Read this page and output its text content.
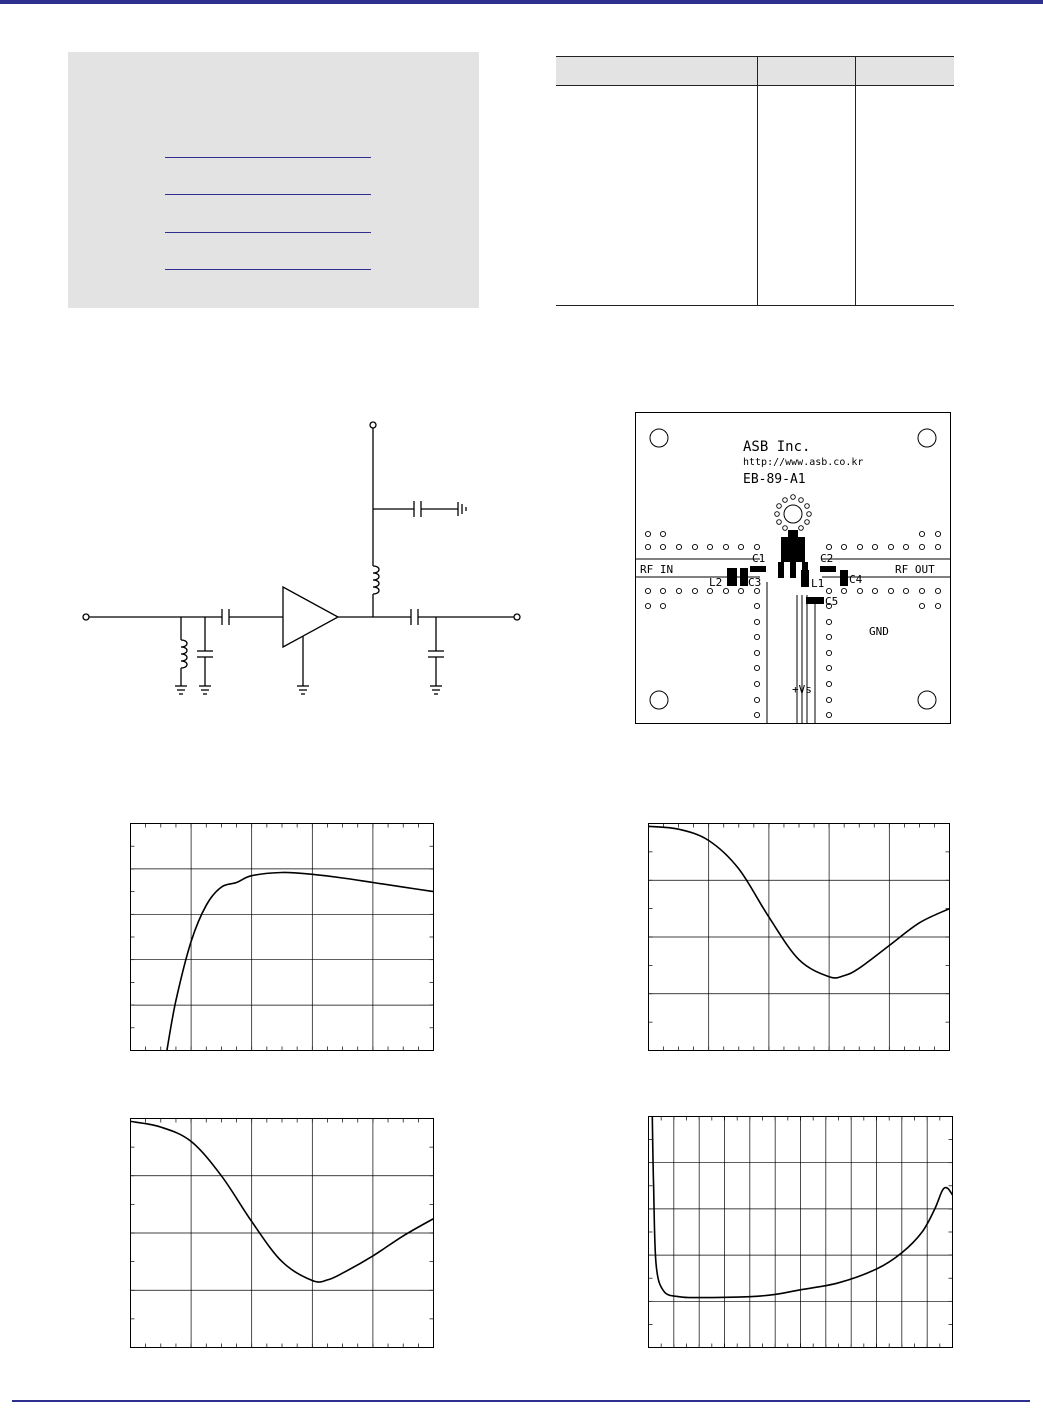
ASB Inc.
http://www.asb.co.kr
EB-89-A1
RF IN	RF OUT
GND
+Vs
C1	C2
C3	C4
C5
L1
L2
